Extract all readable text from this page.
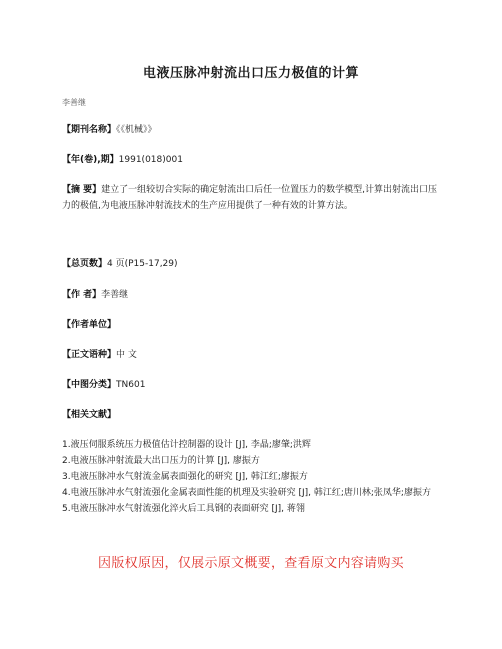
电液压脉冲射流出口压力极值的计算
李善继
【期刊名称】《《机械》》
【年(卷),期】1991(018)001
【摘 要】建立了一组较切合实际的确定射流出口后任一位置压力的数学模型,计算出射流出口压力的极值,为电液压脉冲射流技术的生产应用提供了一种有效的计算方法。
【总页数】4 页(P15-17,29)
【作 者】李善继
【作者单位】
【正文语种】中 文
【中图分类】TN601
【相关文献】

1.液压伺服系统压力极值估计控制器的设计 [J], 李晶;廖肇;洪辉

2.电液压脉冲射流最大出口压力的计算 [J], 廖振方

3.电液压脉冲水气射流金属表面强化的研究 [J], 韩江红;廖振方

4.电液压脉冲水气射流强化金属表面性能的机理及实验研究 [J], 韩江红;唐川林;张凤华;廖振方

5.电液压脉冲水气射流强化淬火后工具钢的表面研究 [J], 蒋翎

因版权原因，仅展示原文概要，查看原文内容请购买
